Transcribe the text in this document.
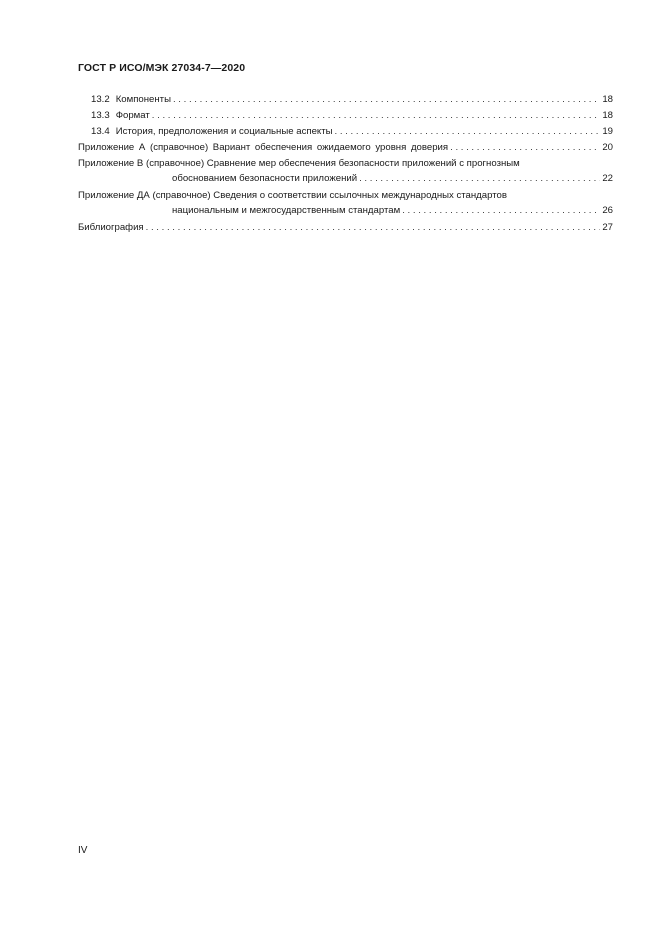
ГОСТ Р ИСО/МЭК 27034-7—2020
13.2 Компоненты . . .	18
13.3 Формат . . .	18
13.4 История, предположения и социальные аспекты . . .	19
Приложение А (справочное) Вариант обеспечения ожидаемого уровня доверия . . .	20
Приложение В (справочное) Сравнение мер обеспечения безопасности приложений с прогнозным
обоснованием безопасности приложений . . .	22
Приложение ДА (справочное) Сведения о соответствии ссылочных международных стандартов
национальным и межгосударственным стандартам . . .	26
Библиография . . .	27
IV
